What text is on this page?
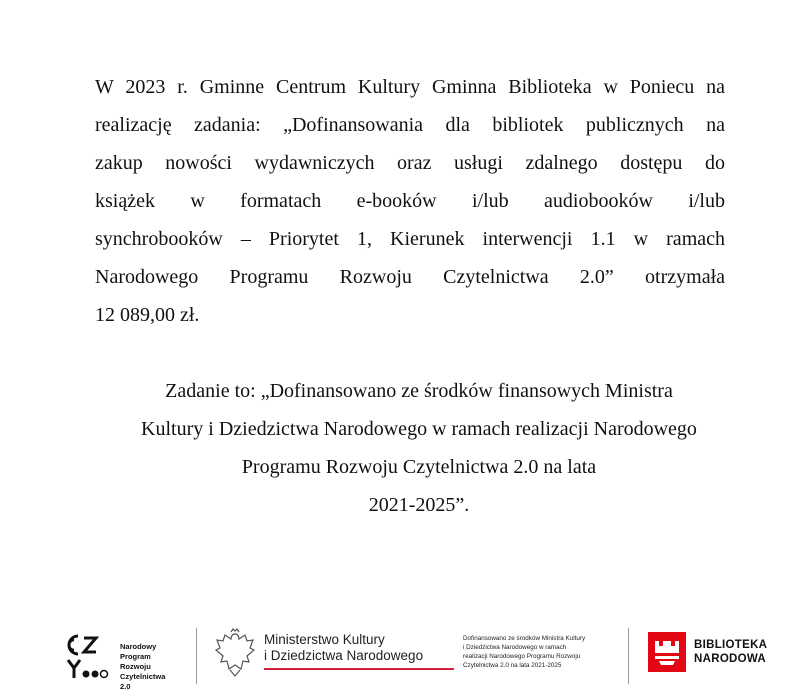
W 2023 r. Gminne Centrum Kultury Gminna Biblioteka w Poniecu na
realizację zadania: „Dofinansowania dla bibliotek publicznych na
zakup nowości wydawniczych oraz usługi zdalnego dostępu do
książek w formatach e-booków i/lub audiobooków i/lub
synchrobooków – Priorytet 1, Kierunek interwencji 1.1 w ramach
Narodowego Programu Rozwoju Czytelnictwa 2.0” otrzymała
12 089,00 zł.
Zadanie to: „Dofinansowano ze środków finansowych Ministra
Kultury i Dziedzictwa Narodowego w ramach realizacji Narodowego
Programu Rozwoju Czytelnictwa 2.0 na lata
2021-2025”.
Narodowy
Program
Rozwoju
Czytelnictwa
2.0
Ministerstwo Kultury
i Dziedzictwa Narodowego
Dofinansowano ze środków Ministra Kultury
i Dziedzictwa Narodowego w ramach
realizacji Narodowego Programu Rozwoju
Czytelnictwa 2.0 na lata 2021-2025
BIBLIOTEKA
NARODOWA
